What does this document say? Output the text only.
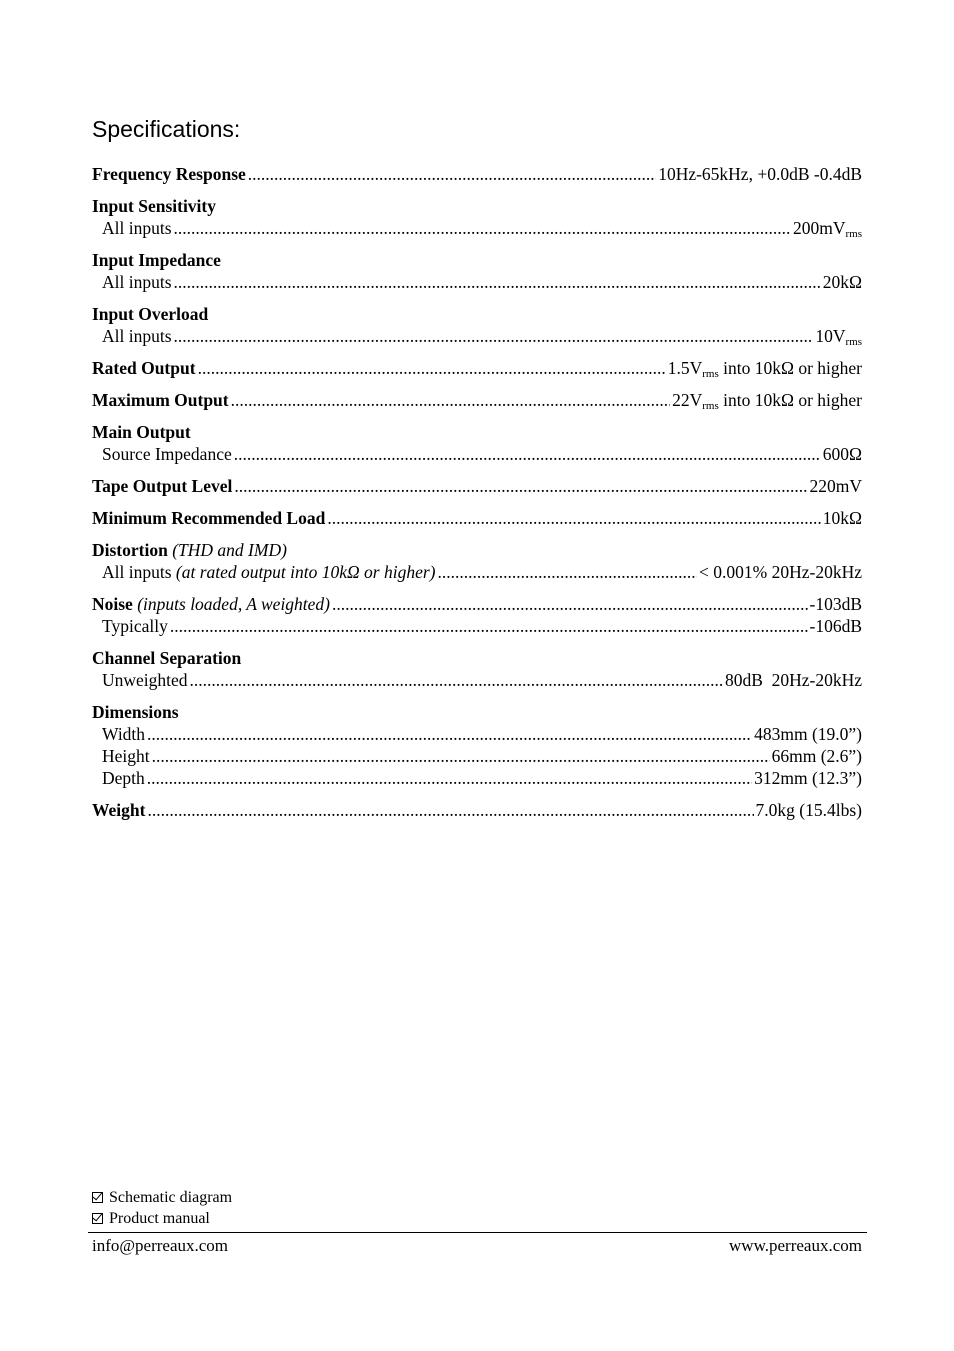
Specifications:
Frequency Response .....	10Hz-65kHz, +0.0dB -0.4dB
Input Sensitivity
All inputs .....	$200mV_{rms}$
Input Impedance
All inputs .....	20kΩ
Input Overload
All inputs .....	$10V_{rms}$
Rated Output .....	$1.5V_{rms}$ into 10kΩ or higher
Maximum Output .....	$22V_{rms}$ into 10kΩ or higher
Main Output
Source Impedance .....	600Ω
Tape Output Level .....	220mV
Minimum Recommended Load .....	10kΩ
Distortion (THD and IMD)
All inputs (at rated output into 10kΩ or higher) .....	< 0.001% 20Hz-20kHz
Noise (inputs loaded, A weighted) .....	-103dB
Typically .....	-106dB
Channel Separation
Unweighted .....	80dB  20Hz-20kHz
Dimensions
Width .....	483mm (19.0”)
Height .....	66mm (2.6”)
Depth .....	312mm (12.3”)
Weight .....	7.0kg (15.4lbs)
Schematic diagram
Product manual
info@perreaux.com	www.perreaux.com
